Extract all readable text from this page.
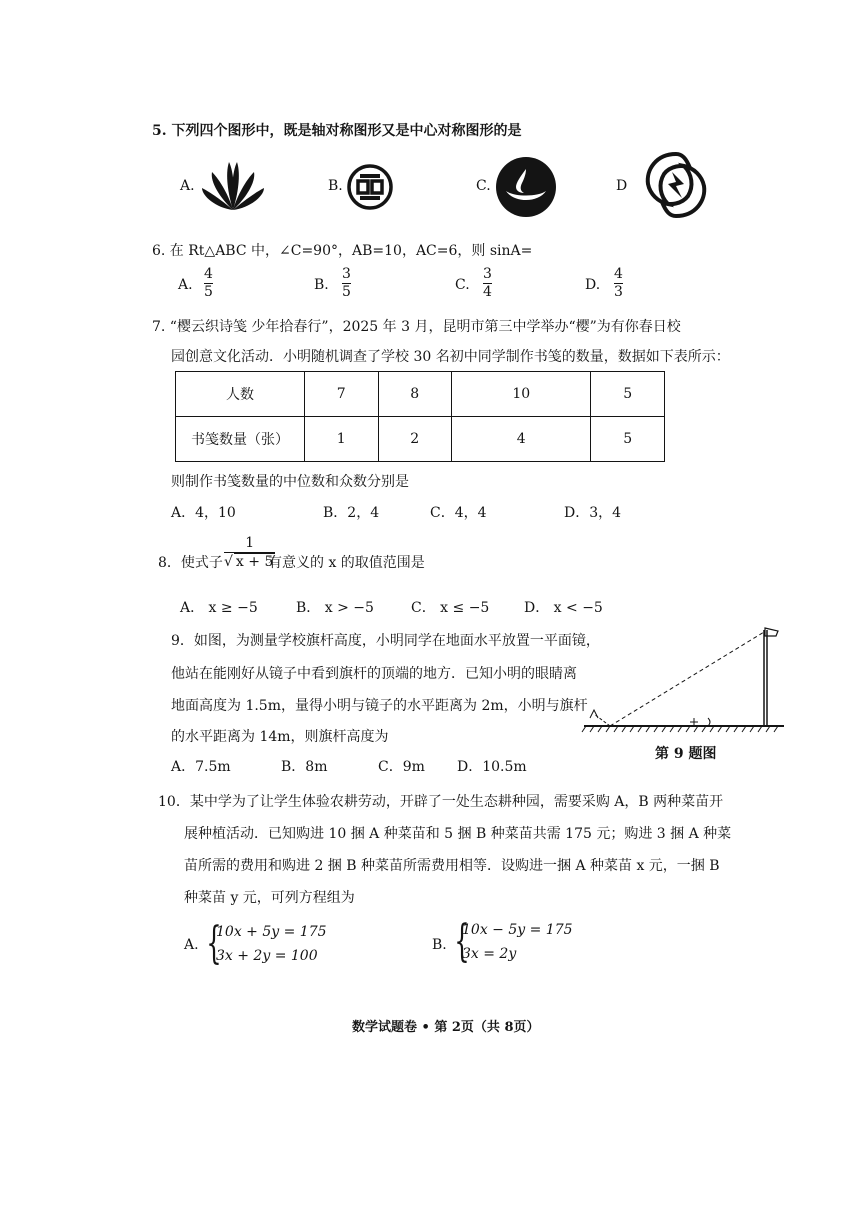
5. 下列四个图形中，既是轴对称图形又是中心对称图形的是
A.	B.	C.	D
6. 在 Rt△ABC 中，∠C=90°，AB=10，AC=6，则 sinA=
A.
4
5	B.
3
5	C.
3
4	D.
4
3
7. “樱云织诗笺 少年拾春行”，2025 年 3 月，昆明市第三中学举办“樱”为有你春日校
园创意文化活动．小明随机调查了学校 30 名初中同学制作书笺的数量，数据如下表所示：
人数	7	8	10	5
书笺数量（张）	1	2	4	5
则制作书笺数量的中位数和众数分别是
A．4，10	B．2，4	C．4，4	D．3，4
8．使式子
1
√ x + 5
有意义的 x 的取值范围是
A． x ≥ −5	B． x > −5	C． x ≤ −5 D． x < −5
9．如图，为测量学校旗杆高度，小明同学在地面水平放置一平面镜，
他站在能刚好从镜子中看到旗杆的顶端的地方．已知小明的眼睛离
地面高度为 1.5m，量得小明与镜子的水平距离为 2m，小明与旗杆
的水平距离为 14m，则旗杆高度为
第 9 题图
A．7.5m	B．8m	C．9m D．10.5m
10．某中学为了让学生体验农耕劳动，开辟了一处生态耕种园，需要采购 A，B 两种菜苗开
展种植活动．已知购进 10 捆 A 种菜苗和 5 捆 B 种菜苗共需 175 元；购进 3 捆 A 种菜
苗所需的费用和购进 2 捆 B 种菜苗所需费用相等．设购进一捆 A 种菜苗 x 元，一捆 B
种菜苗 y 元，可列方程组为
A. {
10x + 5y = 175
3x + 2y = 100
B. {
10x − 5y = 175
3x = 2y
数学试题卷 • 第 2页（共 8页）
